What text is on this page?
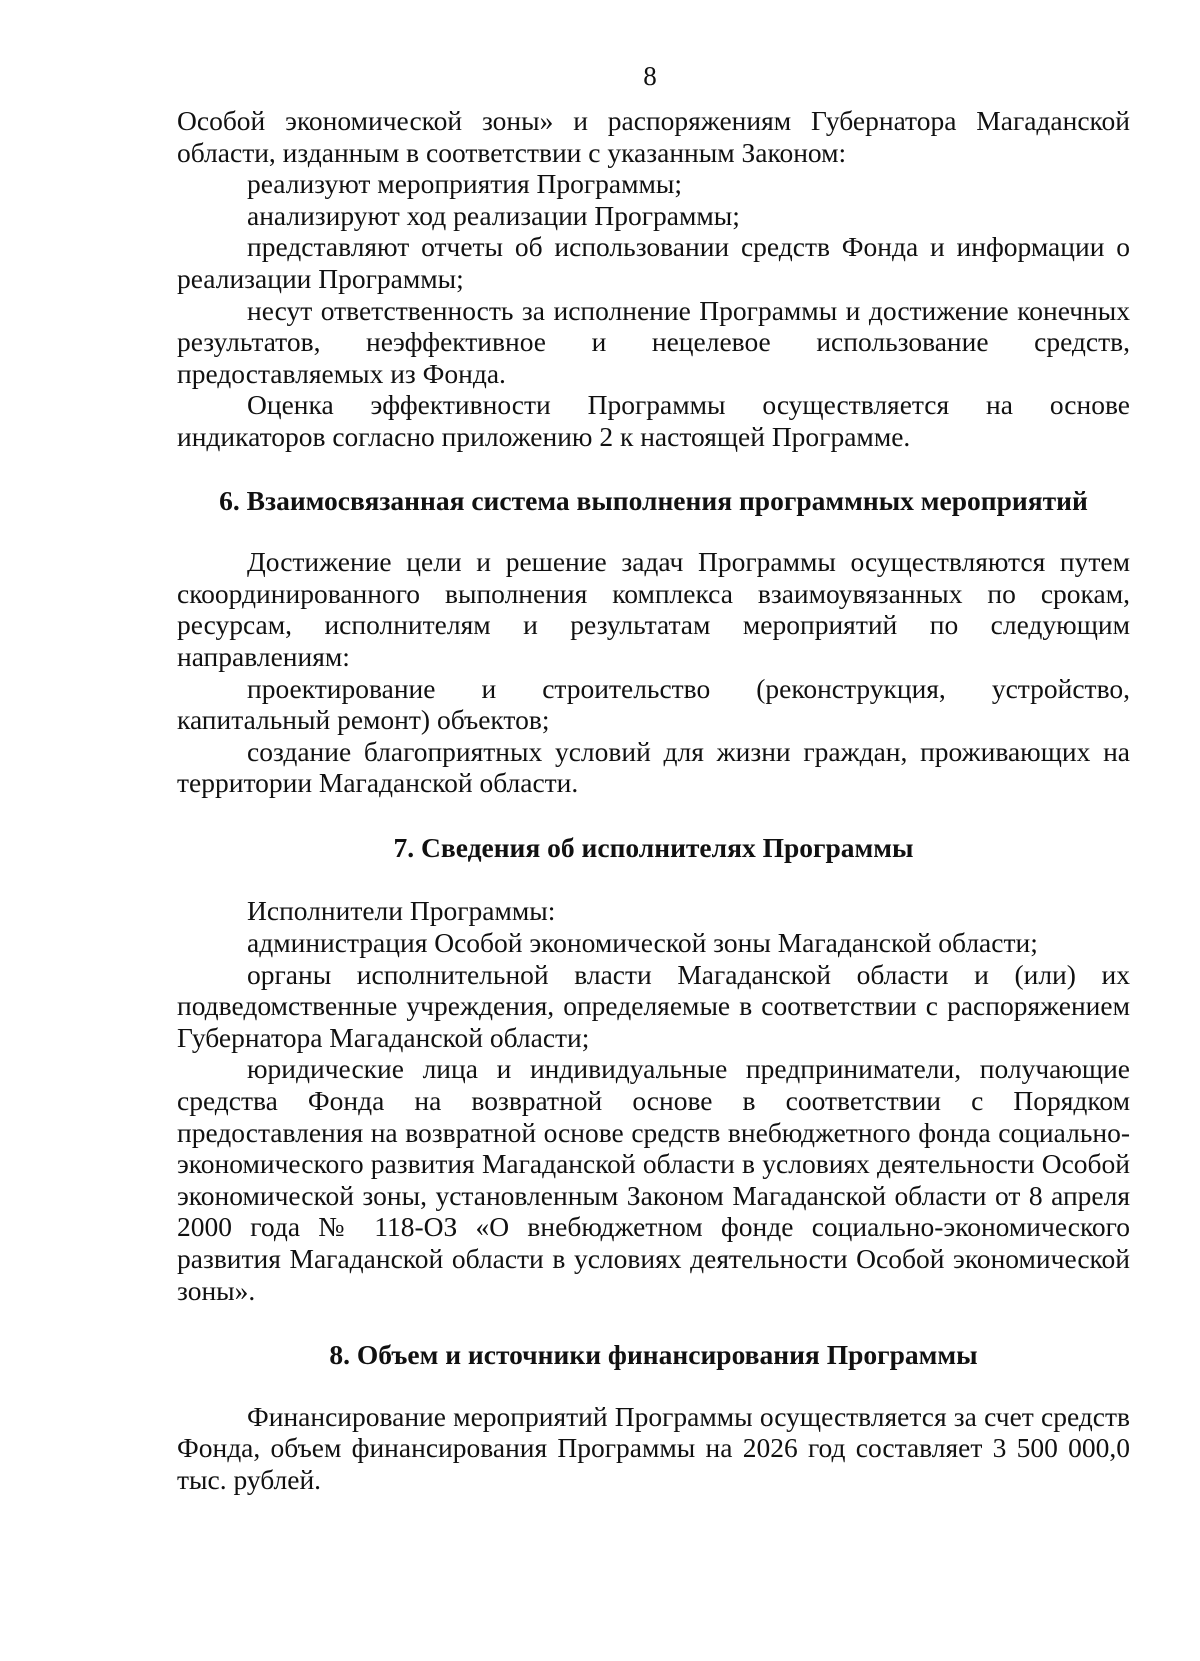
8

Особой экономической зоны» и распоряжениям Губернатора Магаданской области, изданным в соответствии с указанным Законом:

реализуют мероприятия Программы;

анализируют ход реализации Программы;

представляют отчеты об использовании средств Фонда и информации о реализации Программы;

несут ответственность за исполнение Программы и достижение конечных результатов, неэффективное и нецелевое использование средств, предоставляемых из Фонда.

Оценка эффективности Программы осуществляется на основе индикаторов согласно приложению 2 к настоящей Программе.

6. Взаимосвязанная система выполнения программных мероприятий

Достижение цели и решение задач Программы осуществляются путем скоординированного выполнения комплекса взаимоувязанных по срокам, ресурсам, исполнителям и результатам мероприятий по следующим направлениям:

проектирование и строительство (реконструкция, устройство, капитальный ремонт) объектов;

создание благоприятных условий для жизни граждан, проживающих на территории Магаданской области.

7. Сведения об исполнителях Программы

Исполнители Программы:

администрация Особой экономической зоны Магаданской области;

органы исполнительной власти Магаданской области и (или) их подведомственные учреждения, определяемые в соответствии с распоряжением Губернатора Магаданской области;

юридические лица и индивидуальные предприниматели, получающие средства Фонда на возвратной основе в соответствии с Порядком предоставления на возвратной основе средств внебюджетного фонда социально-экономического развития Магаданской области в условиях деятельности Особой экономической зоны, установленным Законом Магаданской области от 8 апреля 2000 года № 118-ОЗ «О внебюджетном фонде социально-экономического развития Магаданской области в условиях деятельности Особой экономической зоны».

8. Объем и источники финансирования Программы

Финансирование мероприятий Программы осуществляется за счет средств Фонда, объем финансирования Программы на 2026 год составляет 3 500 000,0 тыс. рублей.
